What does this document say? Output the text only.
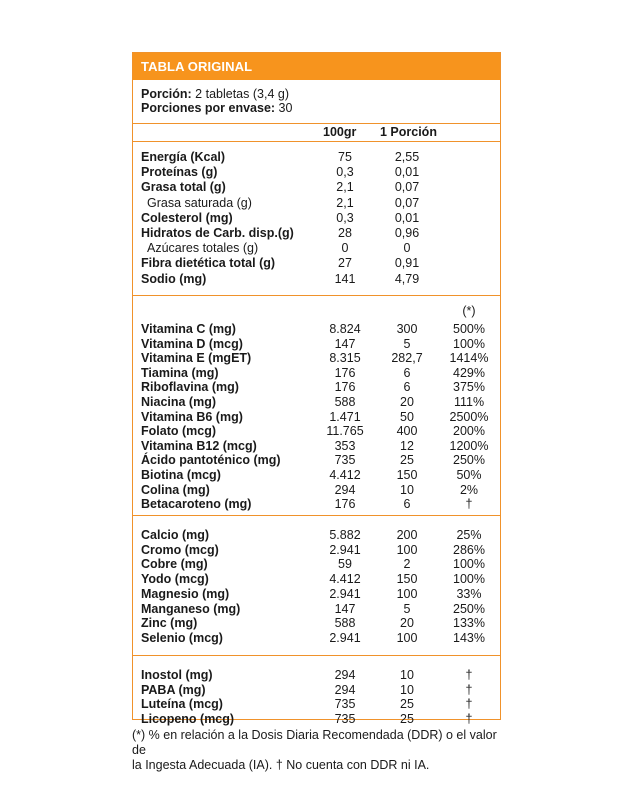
TABLA ORIGINAL
Porción: 2 tabletas (3,4 g)
Porciones por envase: 30
100gr 1 Porción
Energía (Kcal)	75	2,55
Proteínas (g)	0,3	0,01
Grasa total (g)	2,1	0,07
Grasa saturada (g)	2,1	0,07
Colesterol (mg)	0,3	0,01
Hidratos de Carb. disp.(g)	28	0,96
Azúcares totales (g)	0	0
Fibra dietética total (g)	27	0,91
Sodio (mg)	141	4,79
(*)
Vitamina C (mg)	8.824	300	500%
Vitamina D (mcg)	147	5	100%
Vitamina E (mgET)	8.315	282,7	1414%
Tiamina (mg)	176	6	429%
Riboflavina (mg)	176	6	375%
Niacina (mg)	588	20	111%
Vitamina B6 (mg)	1.471	50	2500%
Folato (mcg)	11.765	400	200%
Vitamina B12 (mcg)	353	12	1200%
Ácido pantoténico (mg)	735	25	250%
Biotina (mcg)	4.412	150	50%
Colina (mg)	294	10	2%
Betacaroteno (mg)	176	6	†
Calcio (mg)	5.882	200	25%
Cromo (mcg)	2.941	100	286%
Cobre (mg)	59	2	100%
Yodo (mcg)	4.412	150	100%
Magnesio (mg)	2.941	100	33%
Manganeso (mg)	147	5	250%
Zinc (mg)	588	20	133%
Selenio (mcg)	2.941	100	143%
Inostol (mg)	294	10	†
PABA (mg)	294	10	†
Luteína (mcg)	735	25	†
Licopeno (mcg)	735	25	†
(*) % en relación a la Dosis Diaria Recomendada (DDR) o el valor de
la Ingesta Adecuada (IA). † No cuenta con DDR ni IA.
